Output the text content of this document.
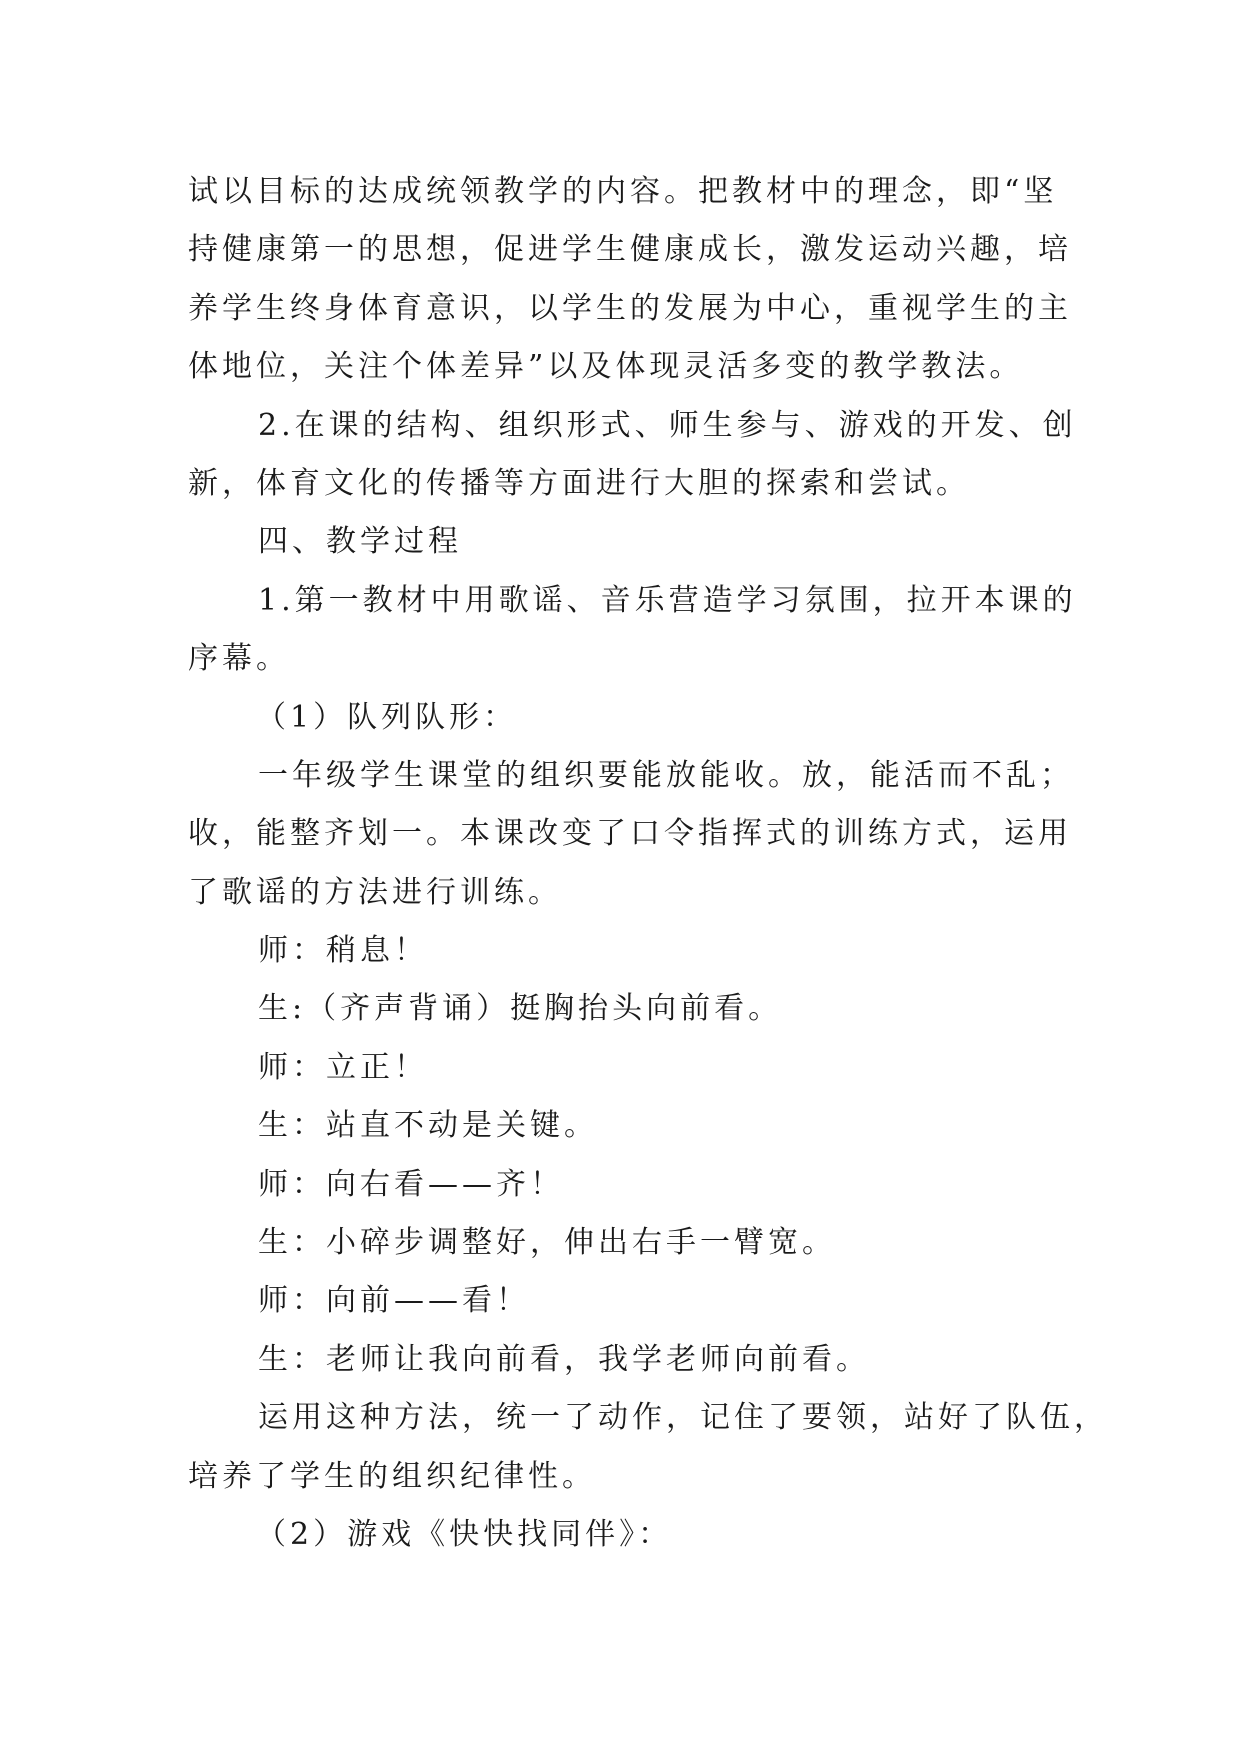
试以目标的达成统领教学的内容。把教材中的理念，即“坚
持健康第一的思想，促进学生健康成长，激发运动兴趣，培
养学生终身体育意识，以学生的发展为中心，重视学生的主
体地位，关注个体差异”以及体现灵活多变的教学教法。
2.在课的结构、组织形式、师生参与、游戏的开发、创
新，体育文化的传播等方面进行大胆的探索和尝试。
四、教学过程
1.第一教材中用歌谣、音乐营造学习氛围，拉开本课的
序幕。
（1）队列队形：
一年级学生课堂的组织要能放能收。放，能活而不乱；
收，能整齐划一。本课改变了口令指挥式的训练方式，运用
了歌谣的方法进行训练。
师：稍息！
生:（齐声背诵）挺胸抬头向前看。
师：立正！
生：站直不动是关键。
师：向右看——齐！
生：小碎步调整好，伸出右手一臂宽。
师：向前——看！
生：老师让我向前看，我学老师向前看。
运用这种方法，统一了动作，记住了要领，站好了队伍，
培养了学生的组织纪律性。
（2）游戏《快快找同伴》：
